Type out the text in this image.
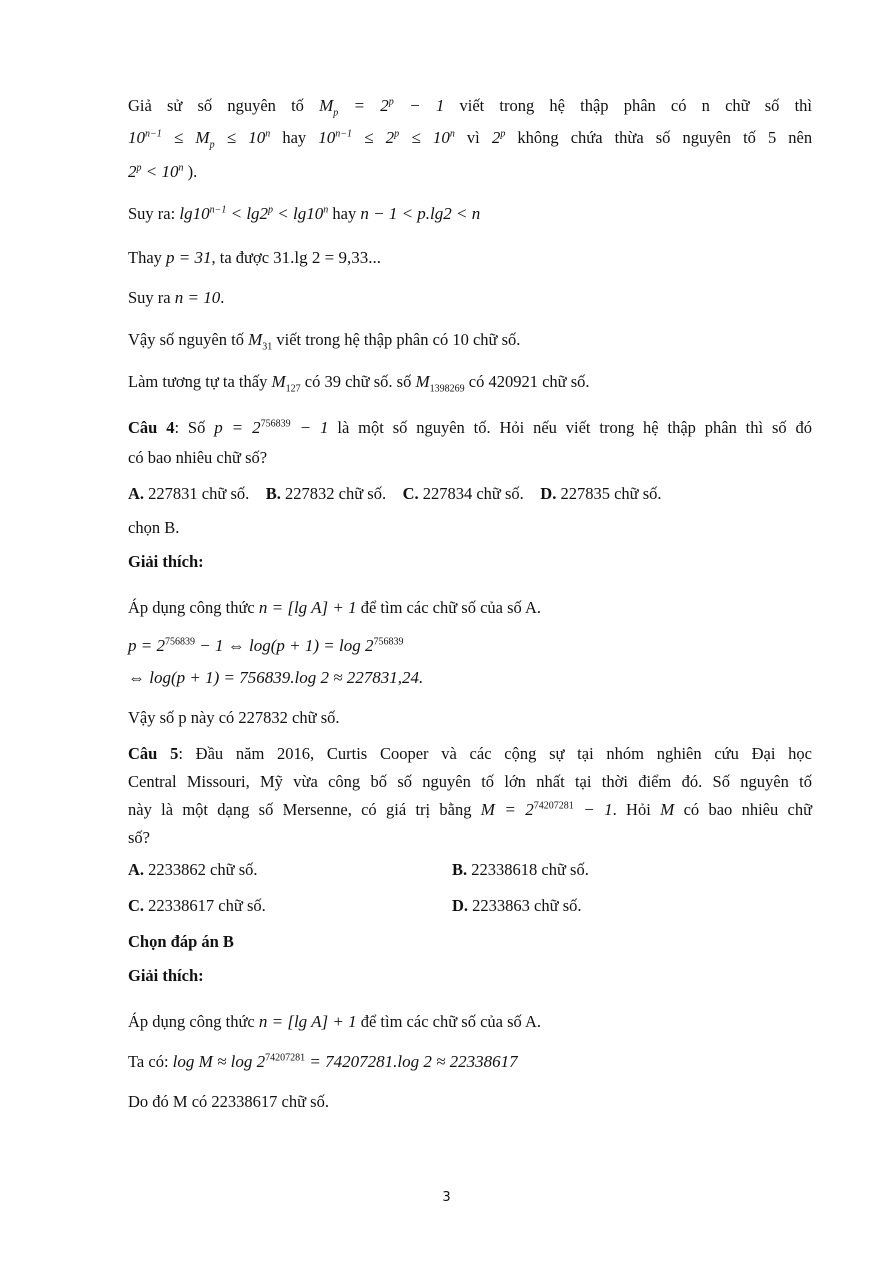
Giả sử số nguyên tố $M_p = 2^p - 1$ viết trong hệ thập phân có n chữ số thì
$10^{n-1} \le M_p \le 10^n$ hay $10^{n-1} \le 2^p \le 10^n$ vì 2$^p$ không chứa thừa số nguyên tố 5 nên
$2^p < 10^n$ ).
Suy ra: $\lg 10^{n-1} < \lg 2^p < \lg 10^n$ hay n − 1 < p.lg2 < n
Thay p = 31, ta được 31.lg 2 = 9,33...
Suy ra n = 10.
Vậy số nguyên tố $M_{31}$ viết trong hệ thập phân có 10 chữ số.
Làm tương tự ta thấy $M_{127}$ có 39 chữ số. số $M_{1398269}$ có 420921 chữ số.
Câu 4: Số $p = 2^{756839} - 1$ là một số nguyên tố. Hỏi nếu viết trong hệ thập phân thì số đó
có bao nhiêu chữ số?
A. 227831 chữ số. B. 227832 chữ số. C. 227834 chữ số. D. 227835 chữ số.
chọn B.
Giải thích:
Áp dụng công thức n = [lg A] + 1 để tìm các chữ số của số A.
$p = 2^{756839} - 1$ ⇔ $\log(p + 1) = \log 2^{756839}$
⇔ log(p + 1) = 756839.log 2 ≈ 227831,24.
Vậy số p này có 227832 chữ số.
Câu 5: Đầu năm 2016, Curtis Cooper và các cộng sự tại nhóm nghiên cứu Đại học
Central Missouri, Mỹ vừa công bố số nguyên tố lớn nhất tại thời điểm đó. Số nguyên tố
này là một dạng số Mersenne, có giá trị bằng $M = 2^{74207281} - 1$. Hỏi M có bao nhiêu chữ
số?
A. 2233862 chữ số.	B. 22338618 chữ số.
C. 22338617 chữ số.	D. 2233863 chữ số.
Chọn đáp án B
Giải thích:
Áp dụng công thức n = [lg A] + 1 để tìm các chữ số của số A.
Ta có: $\log M \approx \log 2^{74207281} = 74207281.\log$ 2 ≈ 22338617
Do đó M có 22338617 chữ số.
3
